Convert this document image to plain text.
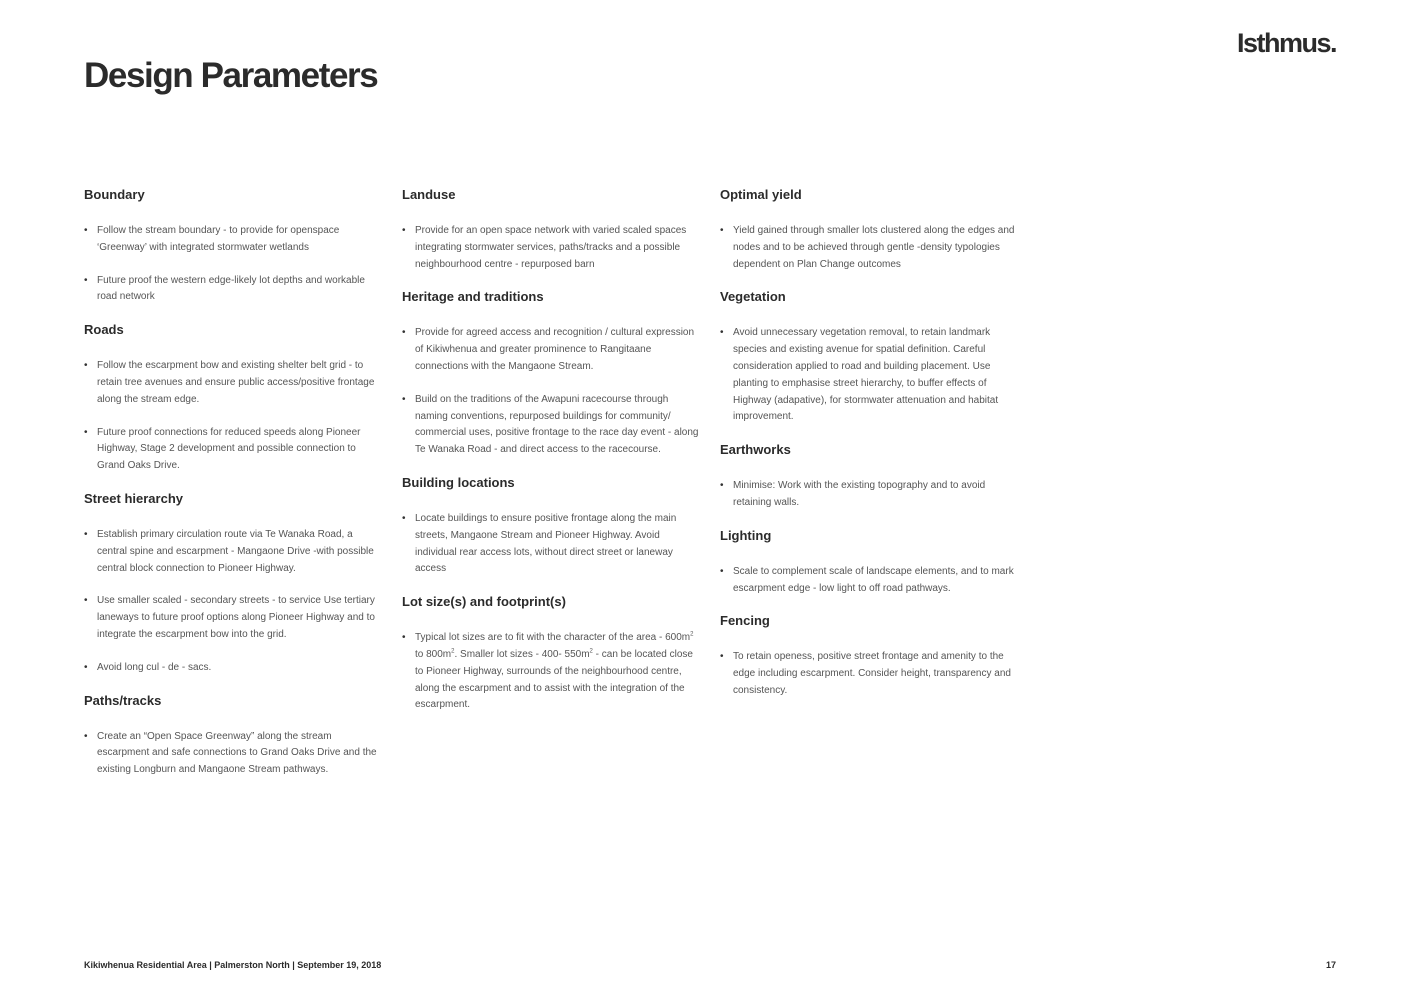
Isthmus.
Design Parameters
Boundary
• Follow the stream boundary - to provide for openspace ‘Greenway’ with integrated stormwater wetlands
• Future proof the western edge-likely lot depths and workable road network
Roads
• Follow the escarpment bow and existing shelter belt grid - to retain tree avenues and ensure public access/positive frontage along the stream edge.
• Future proof connections for reduced speeds along Pioneer Highway, Stage 2 development and possible connection to Grand Oaks Drive.
Street hierarchy
• Establish primary circulation route via Te Wanaka Road, a central spine and escarpment - Mangaone Drive -with possible central block connection to Pioneer Highway.
• Use smaller scaled - secondary streets - to service Use tertiary laneways to future proof options along Pioneer Highway and to integrate the escarpment bow into the grid.
• Avoid long cul - de - sacs.
Paths/tracks
• Create an “Open Space Greenway” along the stream escarpment and safe connections to Grand Oaks Drive and the existing Longburn and Mangaone Stream pathways.
Landuse
• Provide for an open space network with varied scaled spaces integrating stormwater services, paths/tracks and a possible neighbourhood centre - repurposed barn
Heritage and traditions
• Provide for agreed access and recognition / cultural expression of Kikiwhenua and greater prominence to Rangitaane connections with the Mangaone Stream.
• Build on the traditions of the Awapuni racecourse through naming conventions, repurposed buildings for community/ commercial uses, positive frontage to the race day event - along Te Wanaka Road - and direct access to the racecourse.
Building locations
• Locate buildings to ensure positive frontage along the main streets, Mangaone Stream and Pioneer Highway. Avoid individual rear access lots, without direct street or laneway access
Lot size(s) and footprint(s)
• Typical lot sizes are to fit with the character of the area - $600m^2$ to $800m^2$. Smaller lot sizes - 400- $550m^2$ - can be located close to Pioneer Highway, surrounds of the neighbourhood centre, along the escarpment and to assist with the integration of the escarpment.
Optimal yield
• Yield gained through smaller lots clustered along the edges and nodes and to be achieved through gentle -density typologies dependent on Plan Change outcomes
Vegetation
• Avoid unnecessary vegetation removal, to retain landmark species and existing avenue for spatial definition. Careful consideration applied to road and building placement. Use planting to emphasise street hierarchy, to buffer effects of Highway (adapative), for stormwater attenuation and habitat improvement.
Earthworks
• Minimise: Work with the existing topography and to avoid retaining walls.
Lighting
• Scale to complement scale of landscape elements, and to mark escarpment edge - low light to off road pathways.
Fencing
• To retain openess, positive street frontage and amenity to the edge including escarpment. Consider height, transparency and consistency.
Kikiwhenua Residential Area | Palmerston North | September 19, 2018	17
